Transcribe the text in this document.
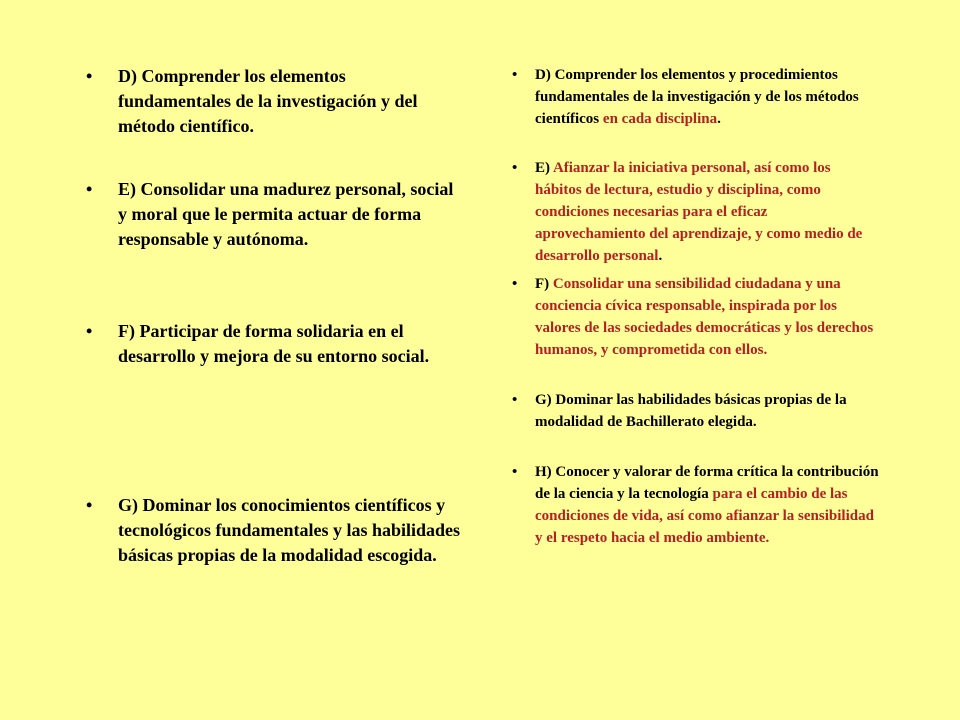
• D) Comprender los elementos fundamentales de la investigación y del método científico.
• E) Consolidar una madurez personal, social y moral que le permita actuar de forma responsable y autónoma.
• F) Participar de forma solidaria en el desarrollo y mejora de su entorno social.
• G) Dominar los conocimientos científicos y tecnológicos fundamentales y las habilidades básicas propias de la modalidad escogida.
• D) Comprender los elementos y procedimientos fundamentales de la investigación y de los métodos científicos en cada disciplina.
• E) Afianzar la iniciativa personal, así como los hábitos de lectura, estudio y disciplina, como condiciones necesarias para el eficaz aprovechamiento del aprendizaje, y como medio de desarrollo personal.
• F) Consolidar una sensibilidad ciudadana y una conciencia cívica responsable, inspirada por los valores de las sociedades democráticas y los derechos humanos, y comprometida con ellos.
• G) Dominar las habilidades básicas propias de la modalidad de Bachillerato elegida.
• H) Conocer y valorar de forma crítica la contribución de la ciencia y la tecnología para el cambio de las condiciones de vida, así como afianzar la sensibilidad y el respeto hacia el medio ambiente.
